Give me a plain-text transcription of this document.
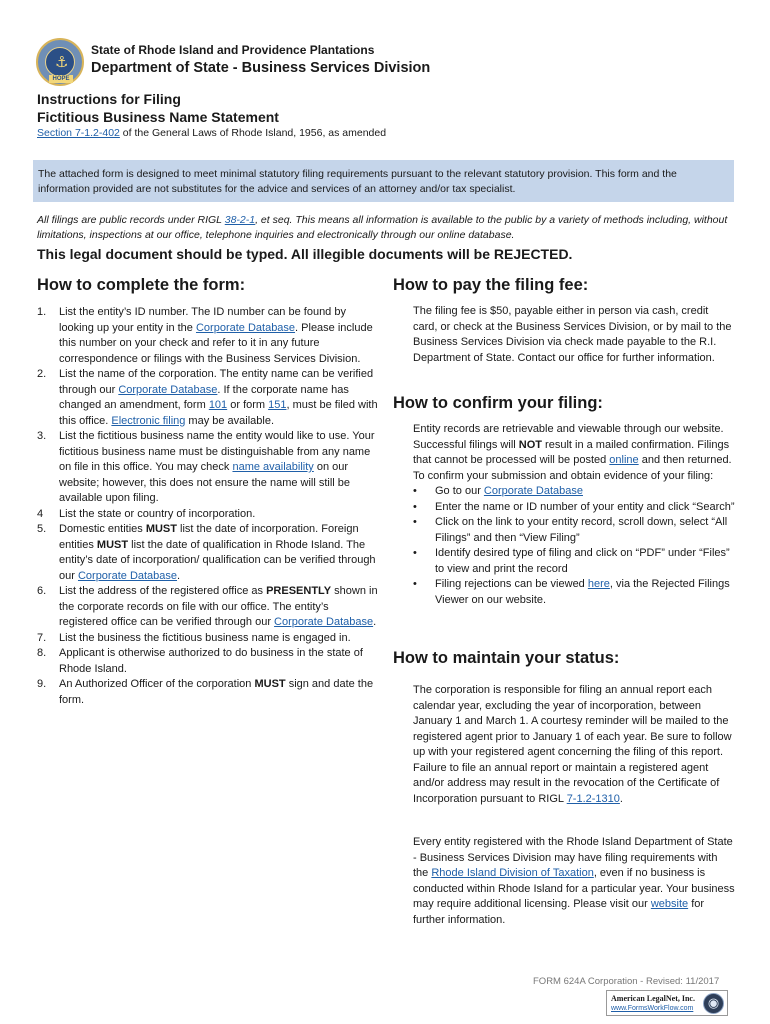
⚓
HOPE
State of Rhode Island and Providence Plantations
Department of State - Business Services Division
Instructions for Filing
Fictitious Business Name Statement
Section 7-1.2-402 of the General Laws of Rhode Island, 1956, as amended
The attached form is designed to meet minimal statutory filing requirements pursuant to the relevant statutory provision. This form and the information provided are not substitutes for the advice and services of an attorney and/or tax specialist.
All filings are public records under RIGL 38-2-1, et seq. This means all information is available to the public by a variety of methods including, without limitations, inspections at our office, telephone inquiries and electronically through our online database.
This legal document should be typed. All illegible documents will be REJECTED.
How to complete the form:
1. List the entity’s ID number. The ID number can be found by looking up your entity in the Corporate Database. Please include this number on your check and refer to it in any future correspondence or filings with the Business Services Division.
2. List the name of the corporation. The entity name can be verified through our Corporate Database. If the corporate name has changed an amendment, form 101 or form 151, must be filed with this office. Electronic filing may be available.
3. List the fictitious business name the entity would like to use. Your fictitious business name must be distinguishable from any name on file in this office. You may check name availability on our website; however, this does not ensure the name will still be available upon filing.
4 List the state or country of incorporation.
5. Domestic entities MUST list the date of incorporation. Foreign entities MUST list the date of qualification in Rhode Island. The entity’s date of incorporation/ qualification can be verified through our Corporate Database.
6. List the address of the registered office as PRESENTLY shown in the corporate records on file with our office. The entity’s registered office can be verified through our Corporate Database.
7. List the business the fictitious business name is engaged in.
8. Applicant is otherwise authorized to do business in the state of Rhode Island.
9. An Authorized Officer of the corporation MUST sign and date the form.
How to pay the filing fee:
The filing fee is $50, payable either in person via cash, credit card, or check at the Business Services Division, or by mail to the Business Services Division via check made payable to the R.I. Department of State. Contact our office for further information.
How to confirm your filing:
Entity records are retrievable and viewable through our website. Successful filings will NOT result in a mailed confirmation. Filings that cannot be processed will be posted online and then returned. To confirm your submission and obtain evidence of your filing:
• Go to our Corporate Database
• Enter the name or ID number of your entity and click “Search”
• Click on the link to your entity record, scroll down, select “All Filings” and then “View Filing”
• Identify desired type of filing and click on “PDF” under “Files” to view and print the record
• Filing rejections can be viewed here, via the Rejected Filings Viewer on our website.
How to maintain your status:
The corporation is responsible for filing an annual report each calendar year, excluding the year of incorporation, between January 1 and March 1. A courtesy reminder will be mailed to the registered agent prior to January 1 of each year. Be sure to follow up with your registered agent concerning the filing of this report. Failure to file an annual report or maintain a registered agent and/or address may result in the revocation of the Certificate of Incorporation pursuant to RIGL 7-1.2-1310.
Every entity registered with the Rhode Island Department of State - Business Services Division may have filing requirements with the Rhode Island Division of Taxation, even if no business is conducted within Rhode Island for a particular year. Your business may require additional licensing. Please visit our website for further information.
FORM 624A Corporation - Revised: 11/2017
American LegalNet, Inc.
www.FormsWorkFlow.com	◉
